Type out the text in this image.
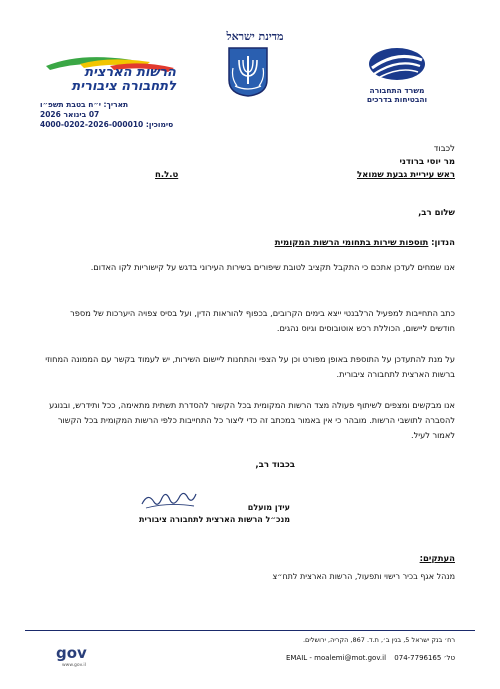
מדינת ישראל
משרד התחבורה
והבטיחות בדרכים
הרשות הארצית
לתחבורה ציבורית
תאריך: י״ח בטבת תשפ״ו
07 בינואר 2026
סימוכין: 4000-0202-2026-000010
לכבוד
מר יוסי ברודני
ראש עיריית גבעת שמואל
ט.ל.ח
שלום רב,
הנדון: תוספות שירות בתחומי הרשות המקומית
אנו שמחים לעדכן אתכם כי התקבל תקציב לטובת שיפורים בשירות העירוני בדגש על קישוריות לקו האדום.
כתב התחייבות למפעיל הרלבנטי ייצא בימים הקרובים, בכפוף להוראות הדין, ועל בסיס צפויה היערכות של מספר חודשים ליישום, הכוללת רכש אוטובוסים וגיוס נהגים.
על מנת להתעדכן על התוספת באופן מפורט וכן על הצפי והתחנות ליישום השירות, יש לעמוד בקשר עם הממונה המחוזי ברשות הארצית לתחבורה ציבורית.
אנו מבקשים ומצפים לשיתוף פעולה מצד הרשות המקומית בכל הקשור להסדרת תשתית מתאימה, ככל ותידרש, ובנוגע להסברה לתושבי הרשות. מובהר כי אין באמור במכתב זה כדי ליצור כל התחייבות כלפי הרשות המקומית בכל הקשור לאמור לעיל.
בכבוד רב,
עידן מועלם
מנכ״ל הרשות הארצית לתחבורה ציבורית
העתקים:
מנהל אגף בכיר רישוי ותפעול, הרשות הארצית לתח״צ
רח׳ בנק ישראל 5, בנין ב׳, ת.ד. 867, הקריה, ירושלים.
EMAIL - moalemi@mot.gov.il טל׳ 074-7796165
gov
www.gov.il
